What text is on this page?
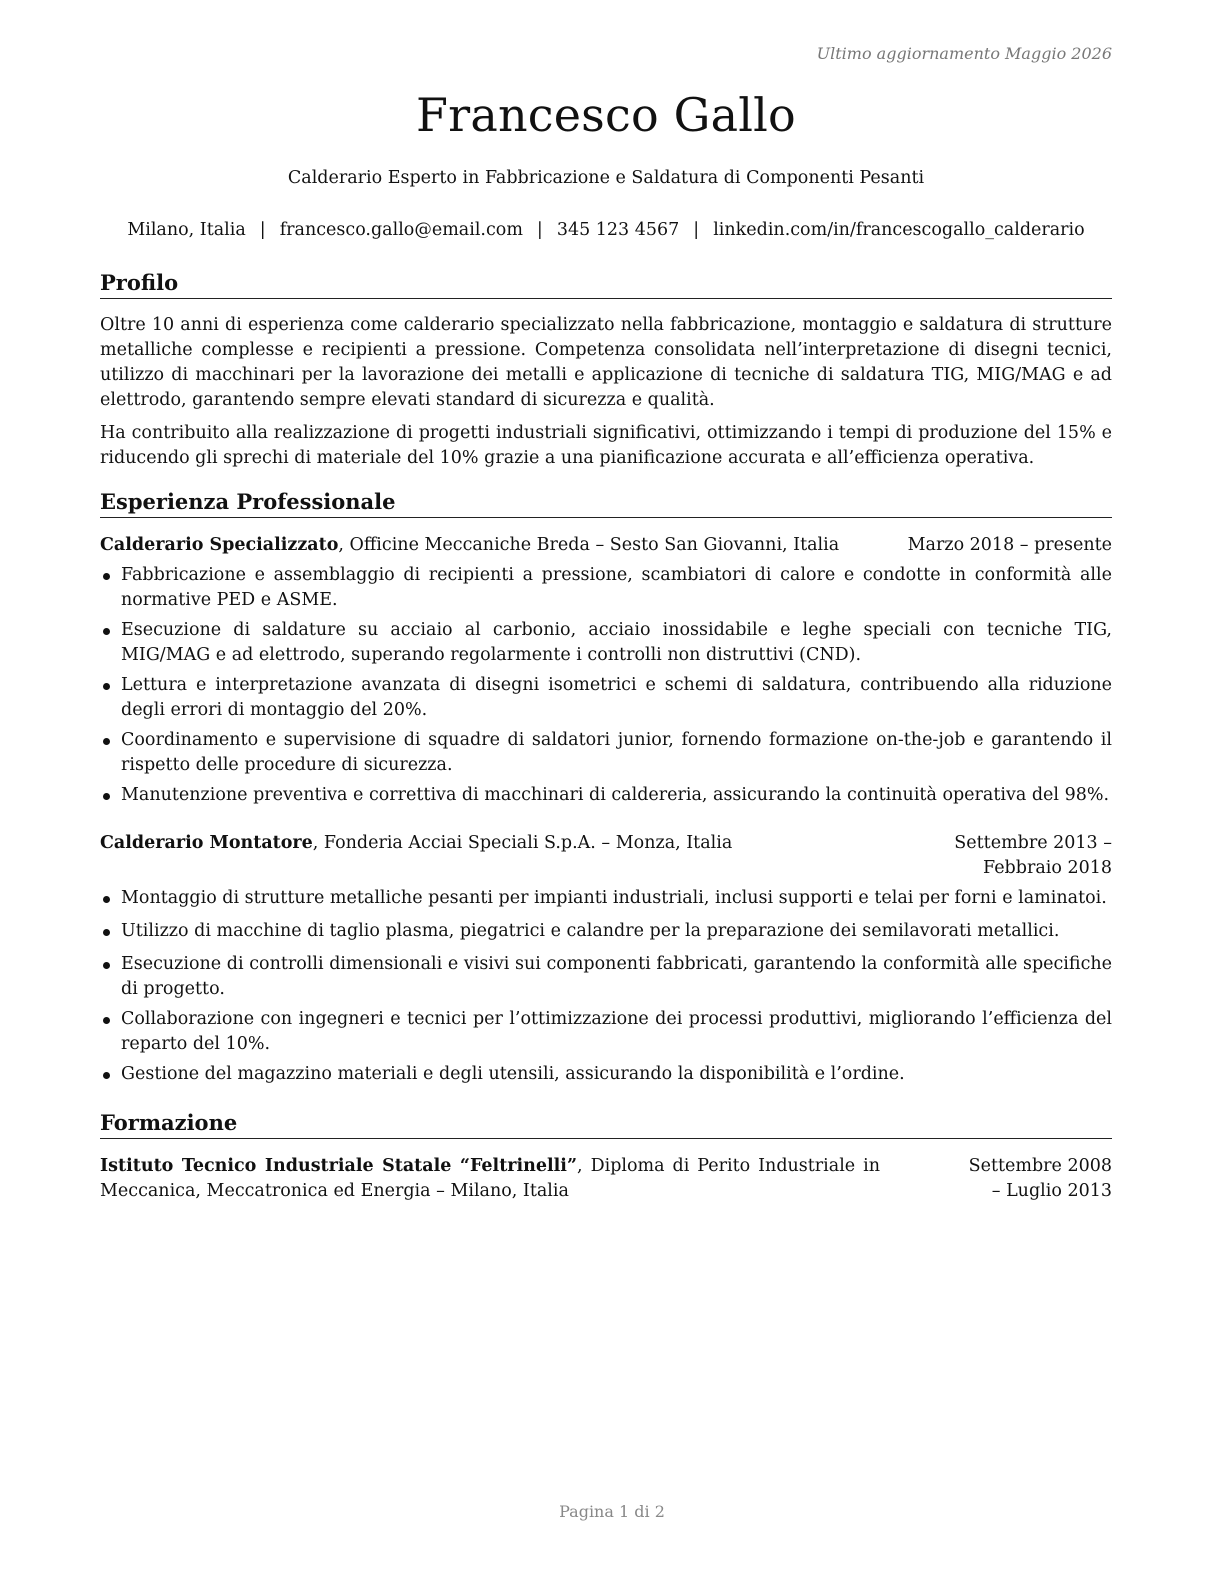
Ultimo aggiornamento Maggio 2026
Francesco Gallo
Calderario Esperto in Fabbricazione e Saldatura di Componenti Pesanti
Milano, Italia | francesco.gallo@email.com | 345 123 4567 | linkedin.com/in/francescogallo_calderario
Profilo

Oltre 10 anni di esperienza come calderario specializzato nella fabbricazione, montaggio e saldatura di strutture metalliche complesse e recipienti a pressione. Competenza consolidata nell’interpretazione di disegni tecnici, utilizzo di macchinari per la lavorazione dei metalli e applicazione di tecniche di saldatura TIG, MIG/MAG e ad elettrodo, garantendo sempre elevati standard di sicurezza e qualità.

Ha contribuito alla realizzazione di progetti industriali significativi, ottimizzando i tempi di produzione del 15% e riducendo gli sprechi di materiale del 10% grazie a una pianificazione accurata e all’efficienza operativa.

Esperienza Professionale
Calderario Specializzato, Officine Meccaniche Breda – Sesto San Giovanni, Italia	Marzo 2018 – presente
Fabbricazione e assemblaggio di recipienti a pressione, scambiatori di calore e condotte in conformità alle normative PED e ASME.
Esecuzione di saldature su acciaio al carbonio, acciaio inossidabile e leghe speciali con tecniche TIG, MIG/MAG e ad elettrodo, superando regolarmente i controlli non distruttivi (CND).
Lettura e interpretazione avanzata di disegni isometrici e schemi di saldatura, contribuendo alla riduzione degli errori di montaggio del 20%.
Coordinamento e supervisione di squadre di saldatori junior, fornendo formazione on-the-job e garantendo il rispetto delle procedure di sicurezza.
Manutenzione preventiva e correttiva di macchinari di caldereria, assicurando la continuità operativa del 98%.
Calderario Montatore, Fonderia Acciai Speciali S.p.A. – Monza, Italia	Settembre 2013 – Febbraio 2018
Montaggio di strutture metalliche pesanti per impianti industriali, inclusi supporti e telai per forni e laminatoi.
Utilizzo di macchine di taglio plasma, piegatrici e calandre per la preparazione dei semilavorati metallici.
Esecuzione di controlli dimensionali e visivi sui componenti fabbricati, garantendo la conformità alle specifiche di progetto.
Collaborazione con ingegneri e tecnici per l’ottimizzazione dei processi produttivi, migliorando l’efficienza del reparto del 10%.
Gestione del magazzino materiali e degli utensili, assicurando la disponibilità e l’ordine.
Formazione
Istituto Tecnico Industriale Statale “Feltrinelli”, Diploma di Perito Industriale in Meccanica, Meccatronica ed Energia – Milano, Italia
Settembre 2008 – Luglio 2013
Pagina 1 di 2
